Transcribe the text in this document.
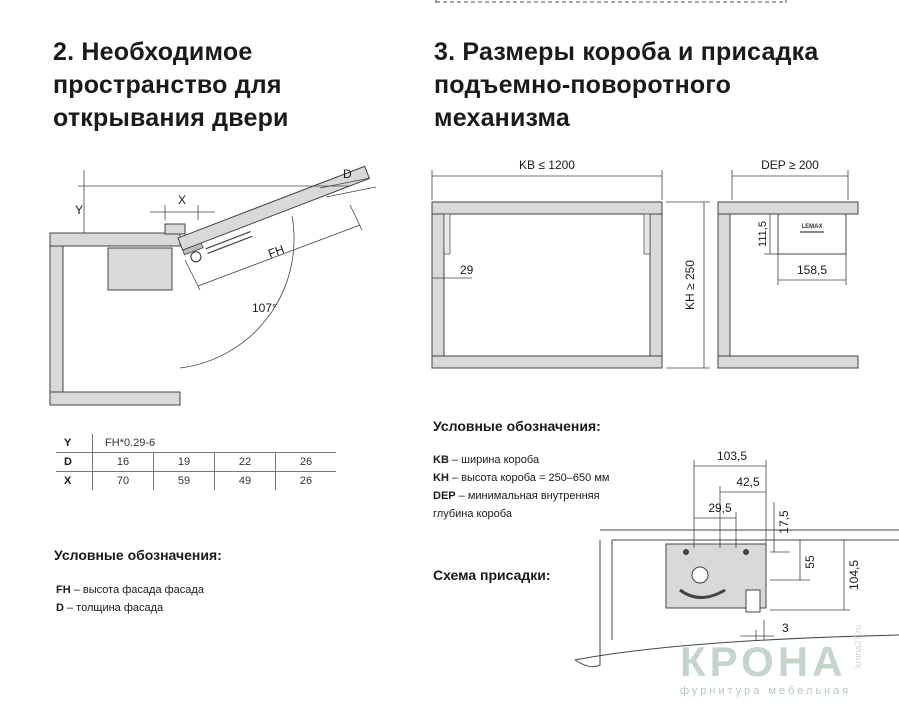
2. Необходимое
пространство для
открывания двери
3. Размеры короба и присадка
подъемно-поворотного
механизма
Y
X
D
FH
107°
Y	FH*0.29-6			
D	16	19	22	26
X	70	59	49	26
Условные обозначения:
FH – высота фасада фасада
D – толщина фасада
KB ≤ 1200
29	KH ≥ 250
DEP ≥ 200
LEMAX
111,5
158,5
Условные обозначения:
KB – ширина короба
KH – высота короба = 250–650 мм
DEP – минимальная внутренняя
глубина короба
Схема присадки:
103,5
42,5
29,5
17,5
55	104,5
3
КРОНА
фурнитура мебельная
krona27.ru
